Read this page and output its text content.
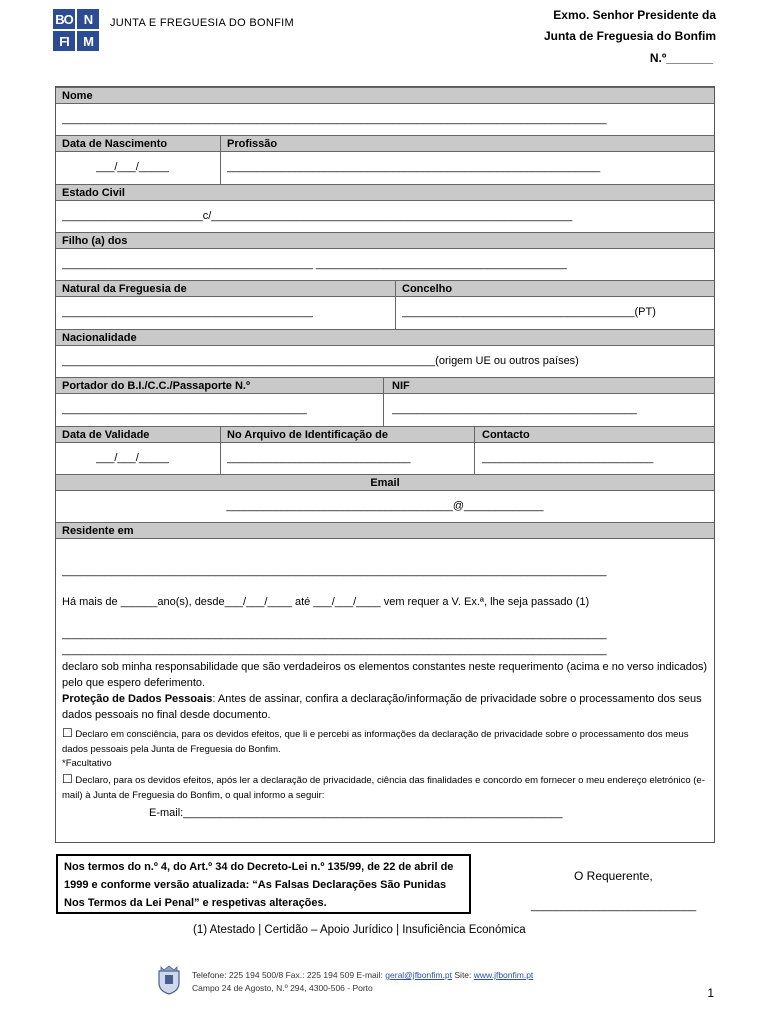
BO N
FI	M
JUNTA E FREGUESIA DO BONFIM
Exmo. Senhor Presidente da
Junta de Freguesia do Bonfim
N.º_______
Nome
_________________________________________________________________________________________
Data de Nascimento	Profissão
___/___/_____	_____________________________________________________________
Estado Civil
_______________________c/___________________________________________________________
Filho (a) dos
_________________________________________ _________________________________________
Natural da Freguesia de	Concelho
_________________________________________	______________________________________(PT)
Nacionalidade
_____________________________________________________________(origem UE ou outros países)
Portador do B.I./C.C./Passaporte N.º	NIF
________________________________________	________________________________________
Data de Validade	No Arquivo de Identificação de	Contacto
___/___/_____	______________________________	____________________________
Email
_____________________________________@_____________
Residente em
_________________________________________________________________________________________
Há mais de ______ano(s), desde___/___/____ até ___/___/____ vem requer a V. Ex.ª, lhe seja passado (1)
_________________________________________________________________________________________
_________________________________________________________________________________________
declaro sob minha responsabilidade que são verdadeiros os elementos constantes neste requerimento (acima e no verso indicados) pelo que espero deferimento.
Proteção de Dados Pessoais: Antes de assinar, confira a declaração/informação de privacidade sobre o processamento dos seus dados pessoais no final desde documento.
☐ Declaro em consciência, para os devidos efeitos, que li e percebi as informações da declaração de privacidade sobre o processamento dos meus dados pessoais pela Junta de Freguesia do Bonfim.
*Facultativo
☐ Declaro, para os devidos efeitos, após ler a declaração de privacidade, ciência das finalidades e concordo em fornecer o meu endereço eletrónico (e-mail) à Junta de Freguesia do Bonfim, o qual informo a seguir:
E-mail:______________________________________________________________
Nos termos do n.º 4, do Art.º 34 do Decreto-Lei n.º 135/99, de 22 de abril de 1999 e conforme versão atualizada: “As Falsas Declarações São Punidas Nos Termos da Lei Penal” e respetivas alterações.
O Requerente,
___________________________
(1) Atestado | Certidão – Apoio Jurídico | Insuficiência Económica
Telefone: 225 194 500/8 Fax.: 225 194 509 E-mail: geral@jfbonfim.pt Site: www.jfbonfim.pt
Campo 24 de Agosto, N.º 294, 4300-506 - Porto	1
